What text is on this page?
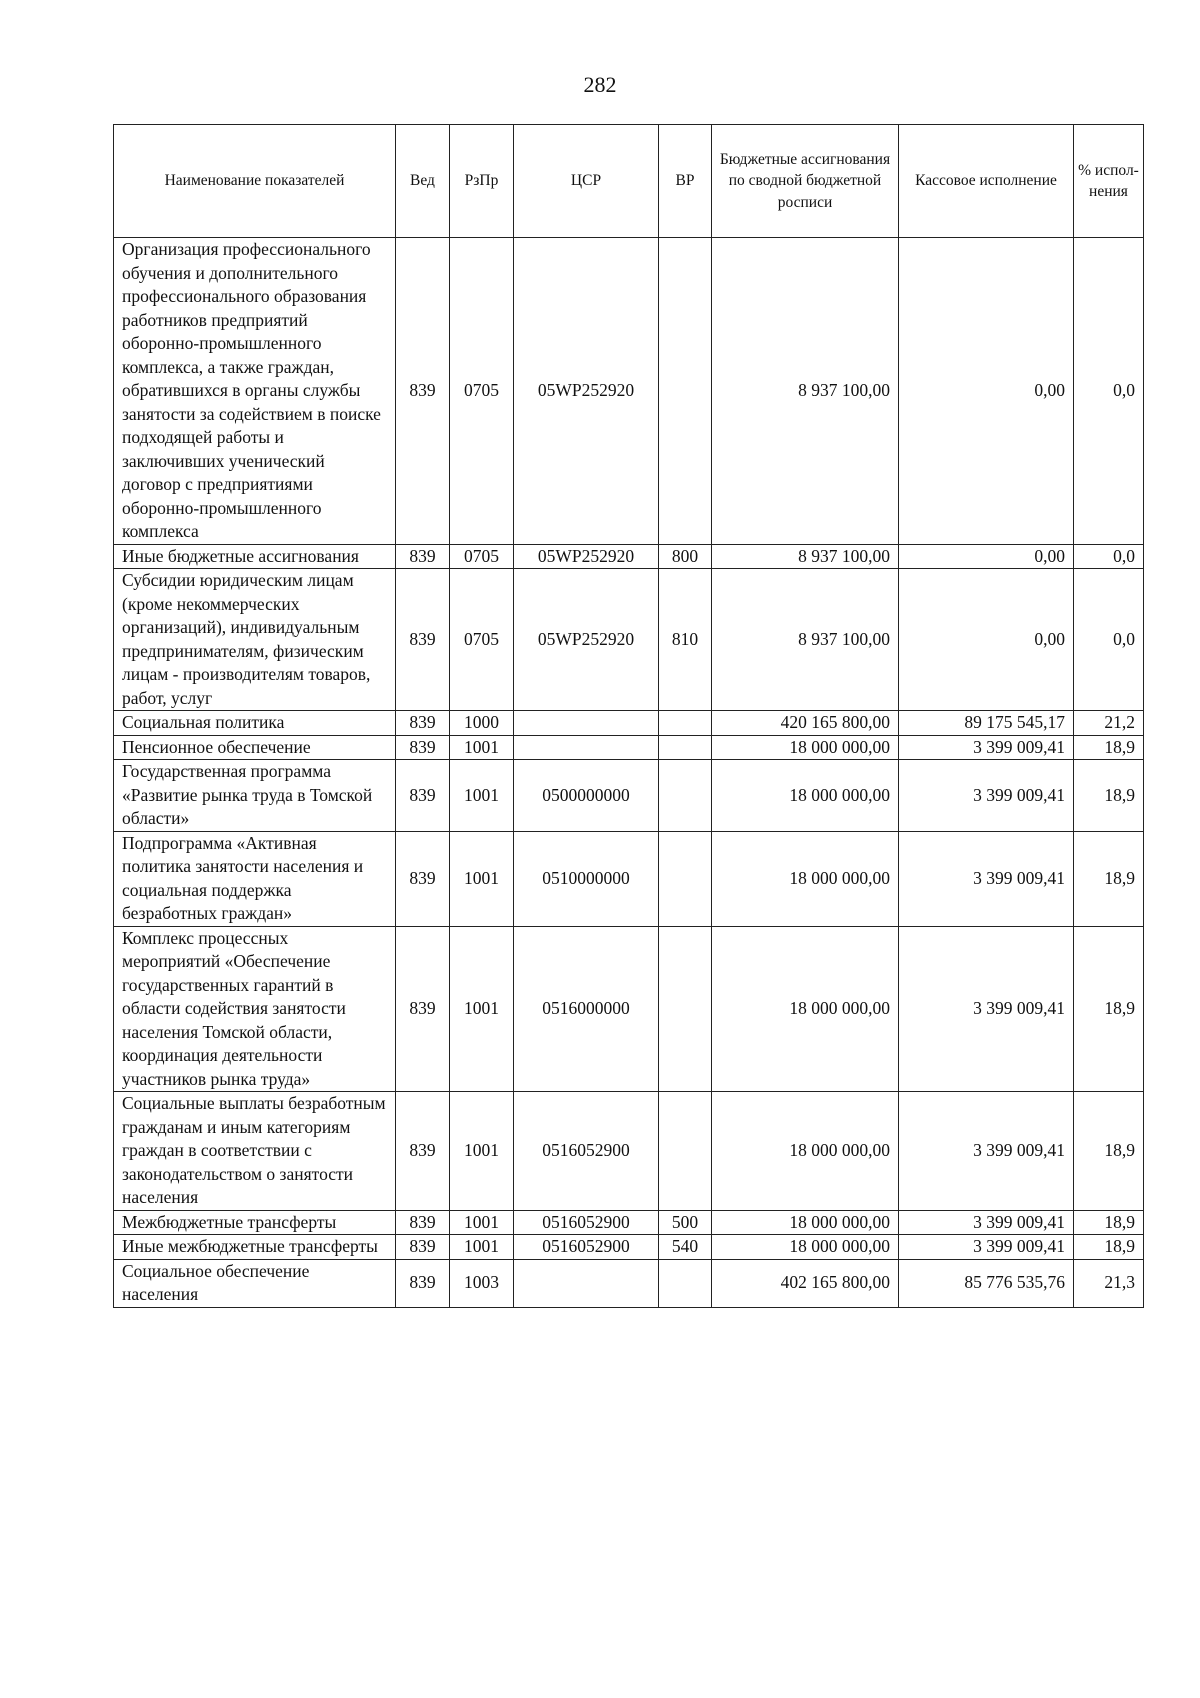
282
Наименование показателей	Вед	РзПр	ЦСР	ВР	Бюджетные ассигнования по сводной бюджетной росписи	Кассовое исполнение	% испол-нения
Организация профессионального обучения и дополнительного профессионального образования работников предприятий оборонно-промышленного комплекса, а также граждан, обратившихся в органы службы занятости за содействием в поиске подходящей работы и заключивших ученический договор с предприятиями оборонно-промышленного комплекса	839	0705	05WP252920		8 937 100,00	0,00	0,0
Иные бюджетные ассигнования	839	0705	05WP252920	800	8 937 100,00	0,00	0,0
Субсидии юридическим лицам (кроме некоммерческих организаций), индивидуальным предпринимателям, физическим лицам - производителям товаров, работ, услуг	839	0705	05WP252920	810	8 937 100,00	0,00	0,0
Социальная политика	839	1000			420 165 800,00	89 175 545,17	21,2
Пенсионное обеспечение	839	1001			18 000 000,00	3 399 009,41	18,9
Государственная программа «Развитие рынка труда в Томской области»	839	1001	0500000000		18 000 000,00	3 399 009,41	18,9
Подпрограмма «Активная политика занятости населения и социальная поддержка безработных граждан»	839	1001	0510000000		18 000 000,00	3 399 009,41	18,9
Комплекс процессных мероприятий «Обеспечение государственных гарантий в области содействия занятости населения Томской области, координация деятельности участников рынка труда»	839	1001	0516000000		18 000 000,00	3 399 009,41	18,9
Социальные выплаты безработным гражданам и иным категориям граждан в соответствии с законодательством о занятости населения	839	1001	0516052900		18 000 000,00	3 399 009,41	18,9
Межбюджетные трансферты	839	1001	0516052900	500	18 000 000,00	3 399 009,41	18,9
Иные межбюджетные трансферты	839	1001	0516052900	540	18 000 000,00	3 399 009,41	18,9
Социальное обеспечение населения	839	1003			402 165 800,00	85 776 535,76	21,3
